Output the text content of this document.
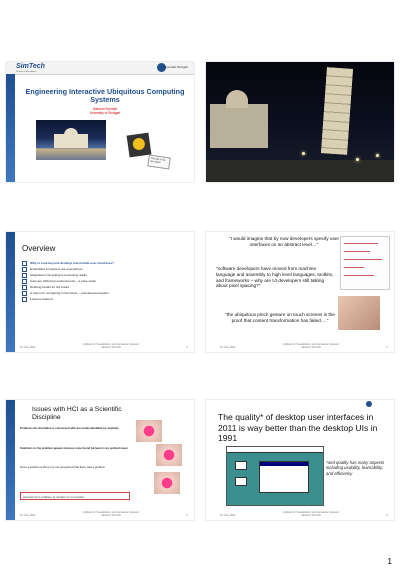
SimTech
Cluster of Excellence
Universität Stuttgart
Engineering Interactive Ubiquitous Computing Systems
Albrecht Schmidt
University of Stuttgart
This talk is the new black
Overview
Why to look beyond desktop and mobile user interfaces?
Embedded computers are everywhere
Ubiquitous Computing is becoming reality
Cars are UbiComp environments – a case study
Defining trends for the future
A vision for computing in the future – extended perception
Lessons learned
16 June 2011
Institute for Visualization and Interactive Systems
Albrecht Schmidt	3
"I would imagine that by now developers specify user interfaces on an abstract level…"
"software developers have moved from machine language and assembly to high level languages, toolkits, and frameworks – why are UI developers still talking about pixel spacing?"
"the ubiquitous pinch gesture on touch screens is the proof that content transformation has failed…."
16 June 2011
Institute for Visualization and Interactive Systems
Albrecht Schmidt	4
Issues with HCI as a Scientific Discipline
Problems the discipline is concerned with are understandable by anybody
Solutions to the problem appear obvious once found (at least in an optimal case)
Once a solution is there it is not recognized that there was a problem
process from problem to solution is non-trivial…
16 June 2011
Institute for Visualization and Interactive Systems
Albrecht Schmidt	5
The quality* of desktop user interfaces in 2011 is way better than the desktop UIs in 1991
*and quality has many aspects including usability, learnability, and efficiency
16 June 2011
Institute for Visualization and Interactive Systems
Albrecht Schmidt	6
1
